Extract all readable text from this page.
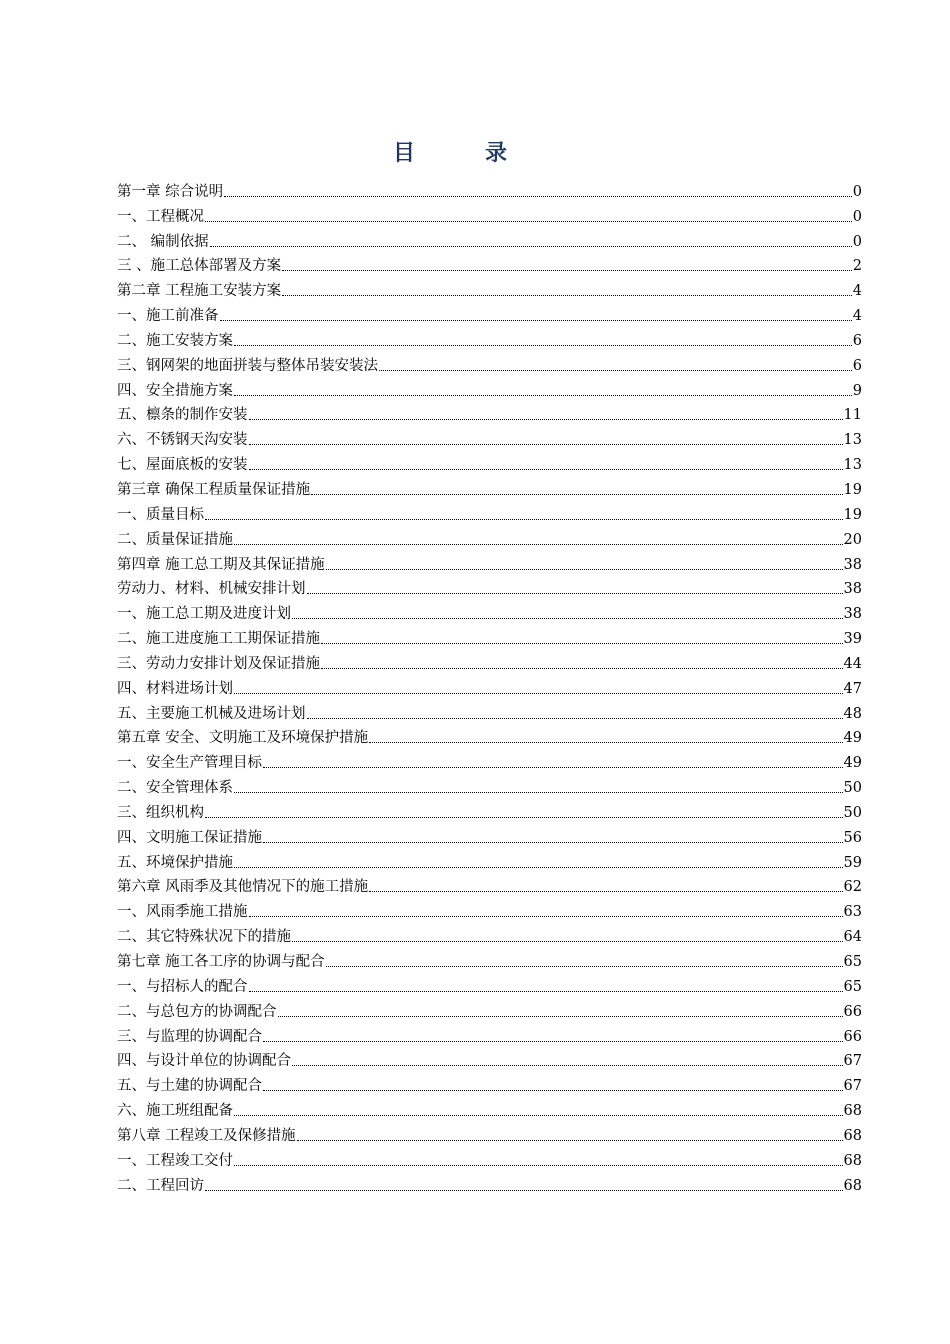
目录
第一章 综合说明	0
一、工程概况	0
二、 编制依据	0
三 、施工总体部署及方案	2
第二章 工程施工安装方案	4
一、施工前准备	4
二、施工安装方案	6
三、钢网架的地面拼装与整体吊装安装法	6
四、安全措施方案	9
五、檩条的制作安装	11
六、不锈钢天沟安装	13
七、屋面底板的安装	13
第三章 确保工程质量保证措施	19
一、质量目标	19
二、质量保证措施	20
第四章 施工总工期及其保证措施	38
劳动力、材料、机械安排计划	38
一、施工总工期及进度计划	38
二、施工进度施工工期保证措施	39
三、劳动力安排计划及保证措施	44
四、材料进场计划	47
五、主要施工机械及进场计划	48
第五章 安全、文明施工及环境保护措施	49
一、安全生产管理目标	49
二、安全管理体系	50
三、组织机构	50
四、文明施工保证措施	56
五、环境保护措施	59
第六章 风雨季及其他情况下的施工措施	62
一、风雨季施工措施	63
二、其它特殊状况下的措施	64
第七章 施工各工序的协调与配合	65
一、与招标人的配合	65
二、与总包方的协调配合	66
三、与监理的协调配合	66
四、与设计单位的协调配合	67
五、与土建的协调配合	67
六、施工班组配备	68
第八章 工程竣工及保修措施	68
一、工程竣工交付	68
二、工程回访	68
